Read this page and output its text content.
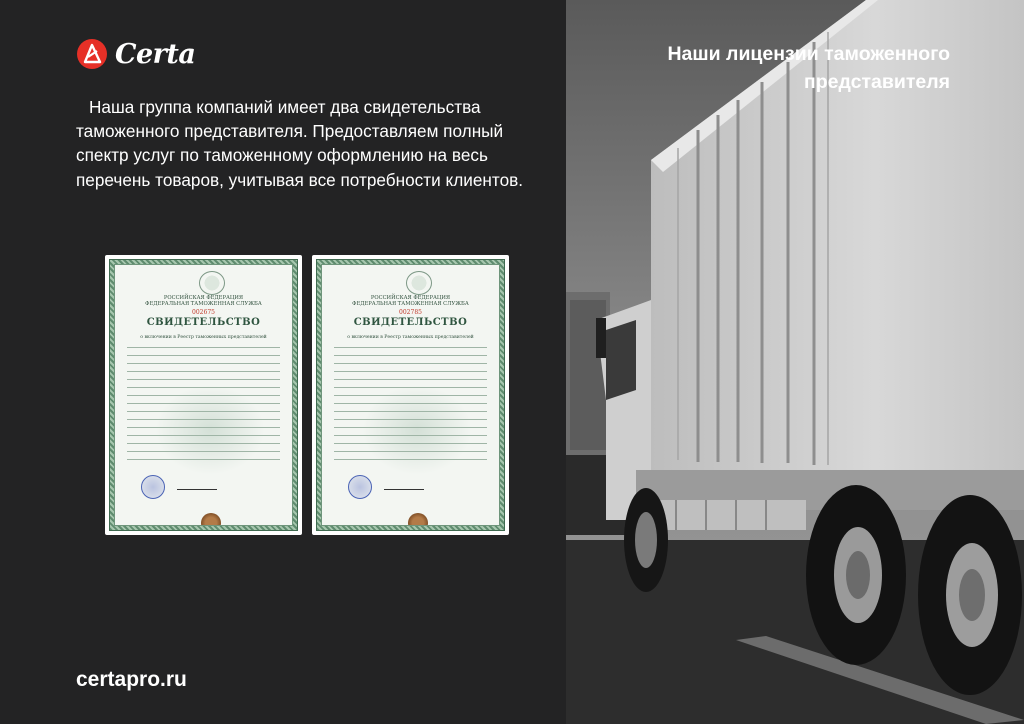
Certa

Наша группа компаний имеет два свидетельства таможенного представителя. Предоставляем полный спектр услуг по таможенному оформлению на весь перечень товаров, учитывая все потребности клиентов.

РОССИЙСКАЯ ФЕДЕРАЦИЯ
ФЕДЕРАЛЬНАЯ ТАМОЖЕННАЯ СЛУЖБА
002675
СВИДЕТЕЛЬСТВО
о включении в Реестр таможенных представителей
РОССИЙСКАЯ ФЕДЕРАЦИЯ
ФЕДЕРАЛЬНАЯ ТАМОЖЕННАЯ СЛУЖБА
002785
СВИДЕТЕЛЬСТВО
о включении в Реестр таможенных представителей
Наши лицензии таможенного представителя
certapro.ru
